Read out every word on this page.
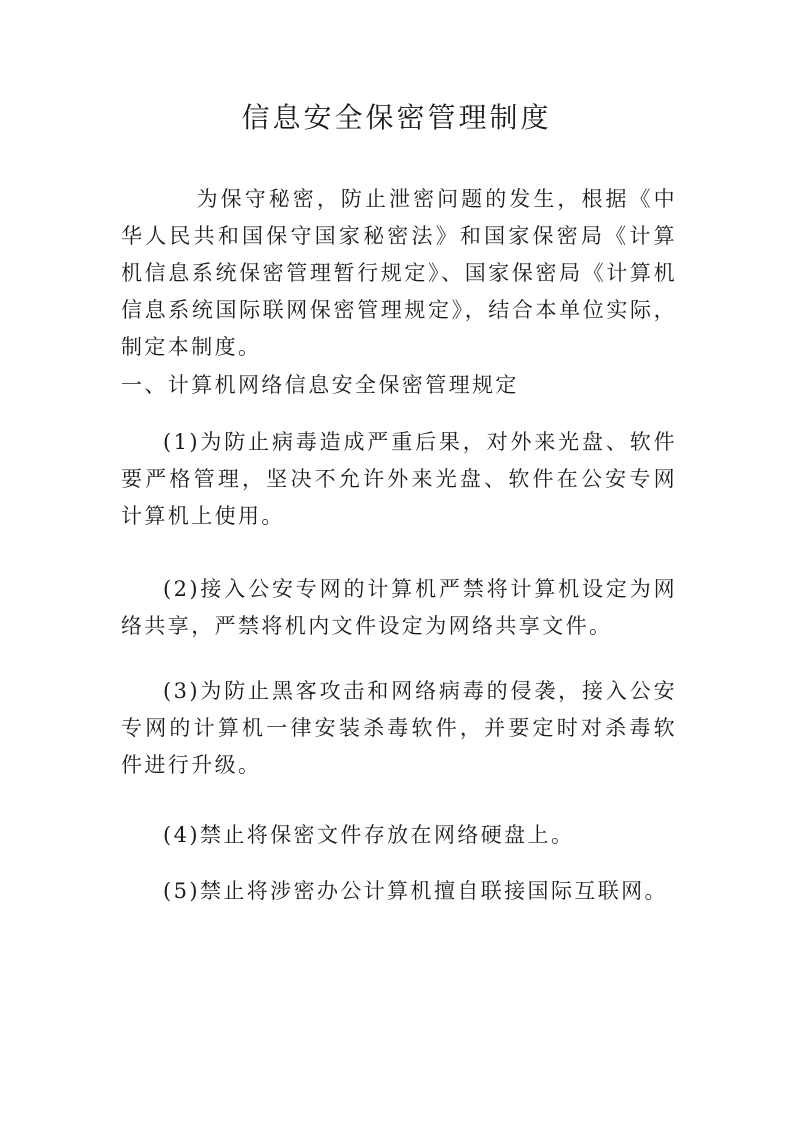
信息安全保密管理制度

为保守秘密，防止泄密问题的发生，根据《中华人民共和国保守国家秘密法》和国家保密局《计算机信息系统保密管理暂行规定》、国家保密局《计算机信息系统国际联网保密管理规定》，结合本单位实际，制定本制度。

一、计算机网络信息安全保密管理规定

(1)为防止病毒造成严重后果，对外来光盘、软件要严格管理，坚决不允许外来光盘、软件在公安专网计算机上使用。

(2)接入公安专网的计算机严禁将计算机设定为网络共享，严禁将机内文件设定为网络共享文件。

(3)为防止黑客攻击和网络病毒的侵袭，接入公安专网的计算机一律安装杀毒软件，并要定时对杀毒软件进行升级。

(4)禁止将保密文件存放在网络硬盘上。

(5)禁止将涉密办公计算机擅自联接国际互联网。
